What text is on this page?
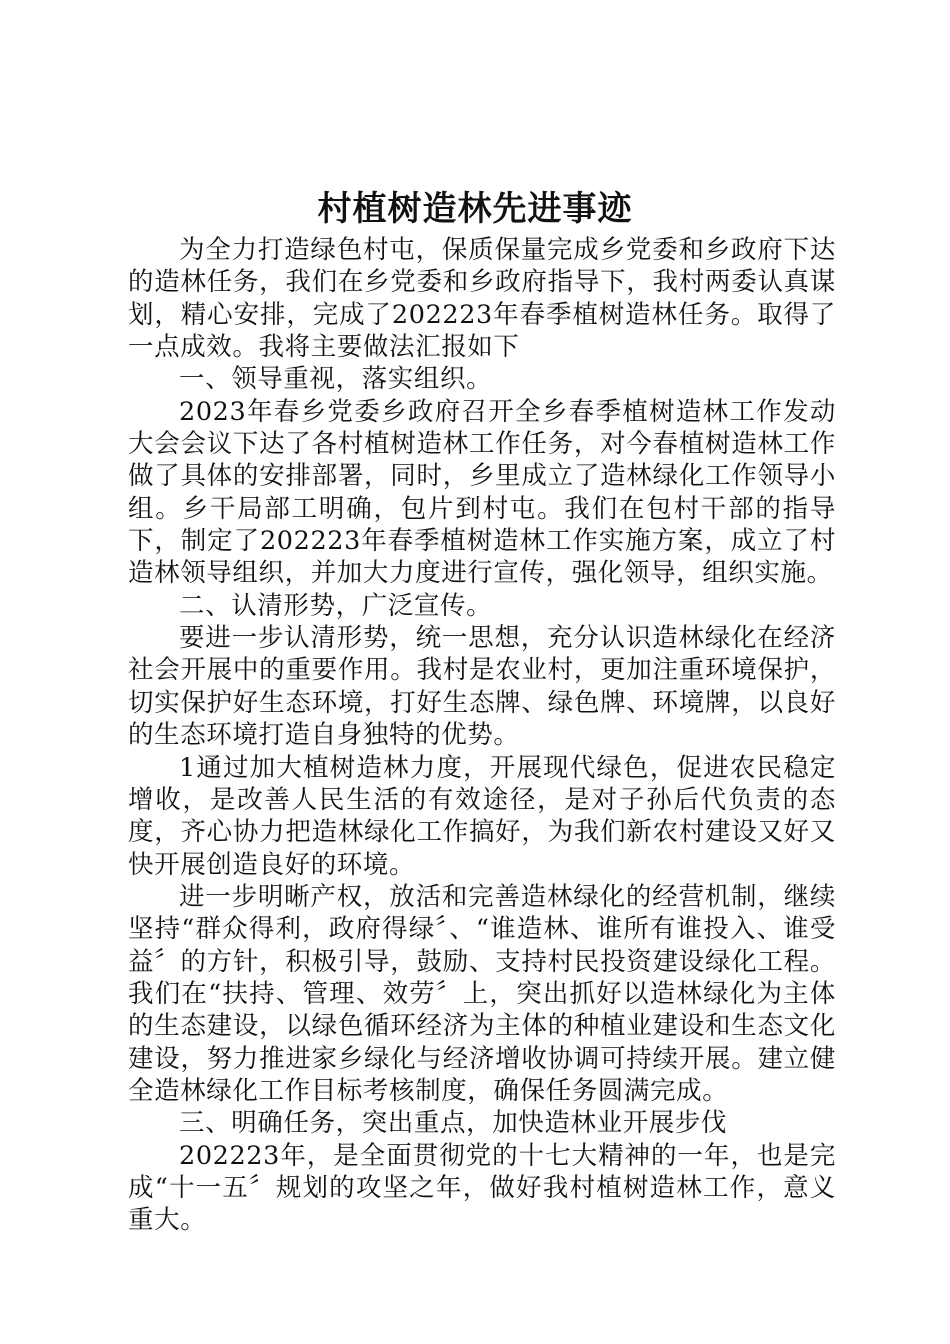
村植树造林先进事迹

为全力打造绿色村屯，保质保量完成乡党委和乡政府下达的造林任务，我们在乡党委和乡政府指导下，我村两委认真谋划，精心安排，完成了202223年春季植树造林任务。取得了一点成效。我将主要做法汇报如下

一、领导重视，落实组织。

2023年春乡党委乡政府召开全乡春季植树造林工作发动大会会议下达了各村植树造林工作任务，对今春植树造林工作做了具体的安排部署，同时，乡里成立了造林绿化工作领导小组。乡干局部工明确，包片到村屯。我们在包村干部的指导下，制定了202223年春季植树造林工作实施方案，成立了村造林领导组织，并加大力度进行宣传，强化领导，组织实施。

二、认清形势，广泛宣传。

要进一步认清形势，统一思想，充分认识造林绿化在经济社会开展中的重要作用。我村是农业村，更加注重环境保护，切实保护好生态环境，打好生态牌、绿色牌、环境牌，以良好的生态环境打造自身独特的优势。

1通过加大植树造林力度，开展现代绿色，促进农民稳定增收，是改善人民生活的有效途径，是对子孙后代负责的态度，齐心协力把造林绿化工作搞好，为我们新农村建设又好又快开展创造良好的环境。

进一步明晰产权，放活和完善造林绿化的经营机制，继续坚持“群众得利，政府得绿〞、“谁造林、谁所有谁投入、谁受益〞的方针，积极引导，鼓励、支持村民投资建设绿化工程。我们在“扶持、管理、效劳〞上，突出抓好以造林绿化为主体的生态建设，以绿色循环经济为主体的种植业建设和生态文化建设，努力推进家乡绿化与经济增收协调可持续开展。建立健全造林绿化工作目标考核制度，确保任务圆满完成。

三、明确任务，突出重点，加快造林业开展步伐

202223年，是全面贯彻党的十七大精神的一年，也是完成“十一五〞规划的攻坚之年，做好我村植树造林工作，意义重大。
